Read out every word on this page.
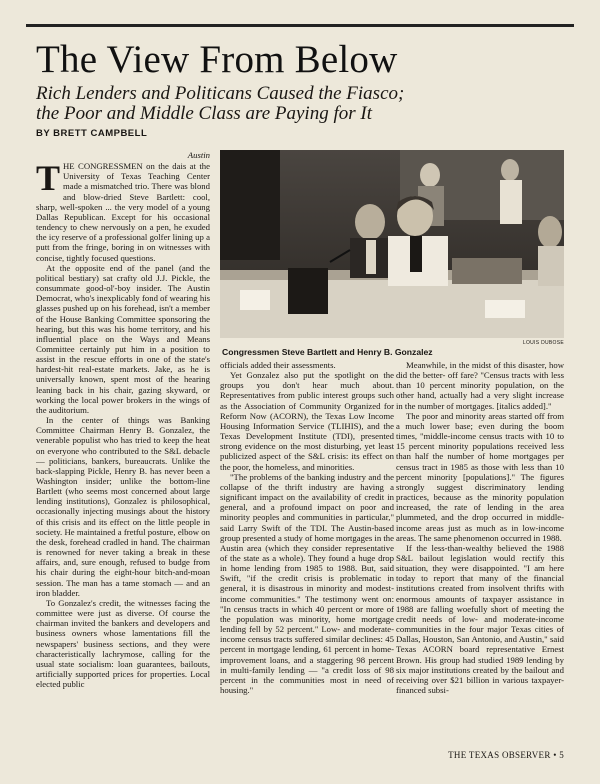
The View From Below
Rich Lenders and Politicans Caused the Fiasco;
the Poor and Middle Class are Paying for It
BY BRETT CAMPBELL
Austin

THE CONGRESSMEN on the dais at the University of Texas Teaching Center made a mismatched trio. There was blond and blow-dried Steve Bartlett: cool, sharp, well-spoken ... the very model of a young Dallas Republican. Except for his occasional tendency to chew nervously on a pen, he exuded the icy reserve of a professional golfer lining up a putt from the fringe, boring in on witnesses with concise, tightly focused questions.

At the opposite end of the panel (and the political bestiary) sat crafty old J.J. Pickle, the consummate good-ol'-boy insider. The Austin Democrat, who's inexplicably fond of wearing his glasses pushed up on his forehead, isn't a member of the House Banking Committee sponsoring the hearing, but this was his home territory, and his influential place on the Ways and Means Committee certainly put him in a position to assist in the rescue efforts in one of the state's hardest-hit real-estate markets. Jake, as he is universally known, spent most of the hearing leaning back in his chair, gazing skyward, or working the local power brokers in the wings of the auditorium.

In the center of things was Banking Committee Chairman Henry B. Gonzalez, the venerable populist who has tried to keep the heat on everyone who contributed to the S&L debacle — politicians, bankers, bureaucrats. Unlike the back-slapping Pickle, Henry B. has never been a Washington insider; unlike the bottom-line Bartlett (who seems most concerned about large lending institutions), Gonzalez is philosophical, occasionally injecting musings about the history of this crisis and its effect on the little people in society. He maintained a fretful posture, elbow on the desk, forehead cradled in hand. The chairman is renowned for never taking a break in these affairs, and, sure enough, refused to budge from his chair during the eight-hour bitch-and-moan session. The man has a tame stomach — and an iron bladder.

To Gonzalez's credit, the witnesses facing the committee were just as diverse. Of course the chairman invited the bankers and developers and business owners whose lamentations fill the newspapers' business sections, and they were characteristically lachrymose, calling for the usual state socialism: loan guarantees, bailouts, artificially supported prices for properties. Local elected public

LOUIS DUBOSE
Congressmen Steve Bartlett and Henry B. Gonzalez

officials added their assessments.

Yet Gonzalez also put the spotlight on the groups you don't hear much about. Representatives from public interest groups such as the Association of Community Organized for Reform Now (ACORN), the Texas Low Income Housing Information Service (TLIHIS), and the Texas Development Institute (TDI), presented strong evidence on the most disturbing, yet least publicized aspect of the S&L crisis: its effect on the poor, the homeless, and minorities.

"The problems of the banking industry and the collapse of the thrift industry are having a significant impact on the availability of credit in general, and a profound impact on poor and minority peoples and communities in particular," said Larry Swift of the TDI. The Austin-based group presented a study of home mortgages in the Austin area (which they consider representative of the state as a whole). They found a huge drop in home lending from 1985 to 1988. But, said Swift, "if the credit crisis is problematic in general, it is disastrous in minority and modest-income communities." The testimony went on: "In census tracts in which 40 percent or more of the population was minority, home mortgage lending fell by 52 percent." Low- and moderate-income census tracts suffered similar declines: 45 percent in mortgage lending, 61 percent in home-improvement loans, and a staggering 98 percent in multi-family lending — "a credit loss of 98 percent in the communities most in need of housing."

Meanwhile, in the midst of this disaster, how did the better- off fare? "Census tracts with less than 10 percent minority population, on the other hand, actually had a very slight increase in the number of mortgages. [italics added]."

The poor and minority areas started off from a much lower base; even during the boom times, "middle-income census tracts with 10 to 15 percent minority populations received less than half the number of home mortgages per census tract in 1985 as those with less than 10 percent minority [populations]." The figures strongly suggest discriminatory lending practices, because as the minority population increased, the rate of lending in the area plummeted, and the drop occurred in middle-income areas just as much as in low-income areas. The same phenomenon occurred in 1988.

If the less-than-wealthy believed the 1988 S&L bailout legislation would rectify this situation, they were disappointed. "I am here today to report that many of the financial institutions created from insolvent thrifts with enormous amounts of taxpayer assistance in 1988 are falling woefully short of meeting the credit needs of low- and moderate-income communities in the four major Texas cities of Dallas, Houston, San Antonio, and Austin," said Texas ACORN board representative Ernest Brown. His group had studied 1989 lending by six major institutions created by the bailout and receiving over $21 billion in various taxpayer-financed subsi-

THE TEXAS OBSERVER • 5
